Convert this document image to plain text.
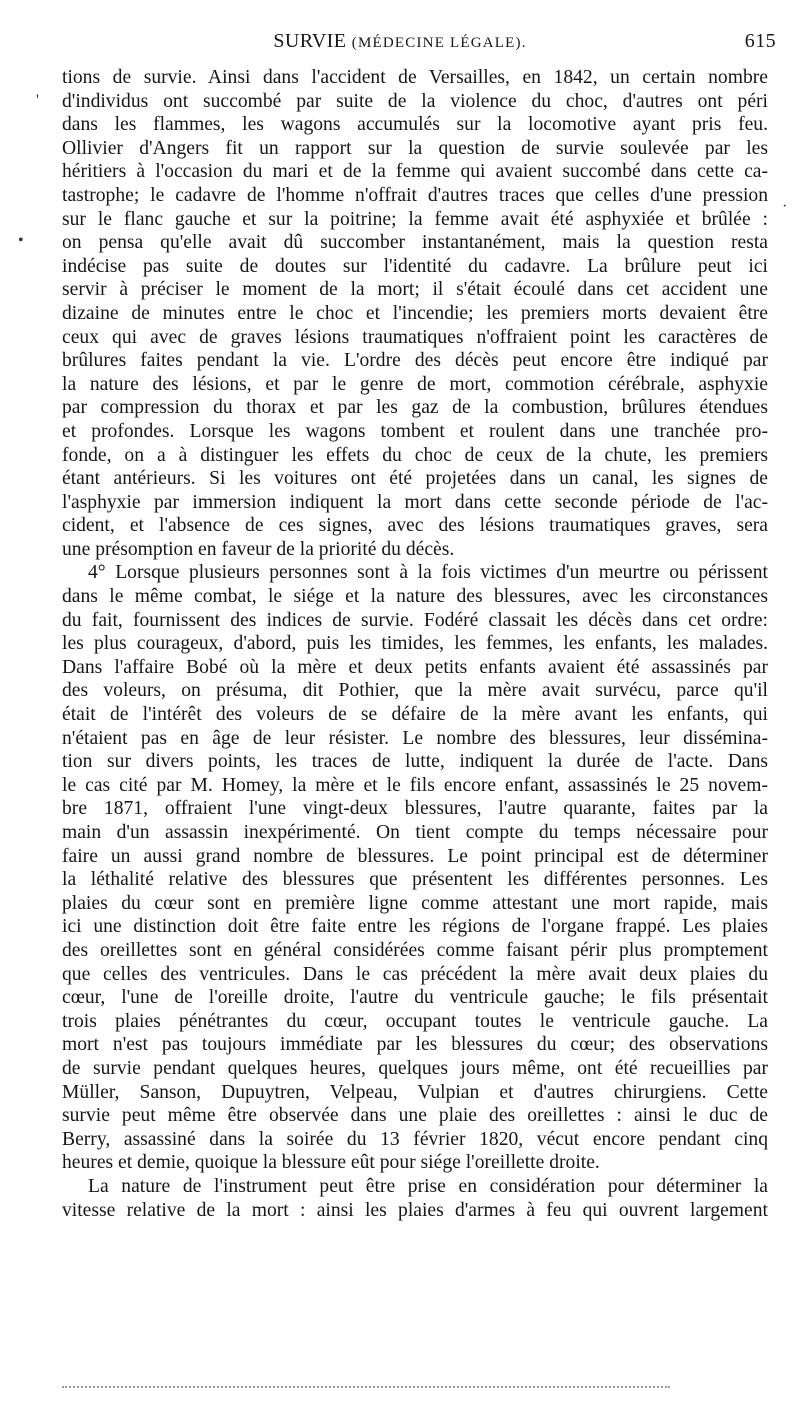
SURVIE (MÉDECINE LÉGALE).	615
'
·
•
tions de survie. Ainsi dans l'accident de Versailles, en 1842, un certain nombre
d'individus ont succombé par suite de la violence du choc, d'autres ont péri
dans les flammes, les wagons accumulés sur la locomotive ayant pris feu.
Ollivier d'Angers fit un rapport sur la question de survie soulevée par les
héritiers à l'occasion du mari et de la femme qui avaient succombé dans cette ca-
tastrophe; le cadavre de l'homme n'offrait d'autres traces que celles d'une pression
sur le flanc gauche et sur la poitrine; la femme avait été asphyxiée et brûlée :
on pensa qu'elle avait dû succomber instantanément, mais la question resta
indécise pas suite de doutes sur l'identité du cadavre. La brûlure peut ici
servir à préciser le moment de la mort; il s'était écoulé dans cet accident une
dizaine de minutes entre le choc et l'incendie; les premiers morts devaient être
ceux qui avec de graves lésions traumatiques n'offraient point les caractères de
brûlures faites pendant la vie. L'ordre des décès peut encore être indiqué par
la nature des lésions, et par le genre de mort, commotion cérébrale, asphyxie
par compression du thorax et par les gaz de la combustion, brûlures étendues
et profondes. Lorsque les wagons tombent et roulent dans une tranchée pro-
fonde, on a à distinguer les effets du choc de ceux de la chute, les premiers
étant antérieurs. Si les voitures ont été projetées dans un canal, les signes de
l'asphyxie par immersion indiquent la mort dans cette seconde période de l'ac-
cident, et l'absence de ces signes, avec des lésions traumatiques graves, sera
une présomption en faveur de la priorité du décès.
4° Lorsque plusieurs personnes sont à la fois victimes d'un meurtre ou périssent
dans le même combat, le siége et la nature des blessures, avec les circonstances
du fait, fournissent des indices de survie. Fodéré classait les décès dans cet ordre:
les plus courageux, d'abord, puis les timides, les femmes, les enfants, les malades.
Dans l'affaire Bobé où la mère et deux petits enfants avaient été assassinés par
des voleurs, on présuma, dit Pothier, que la mère avait survécu, parce qu'il
était de l'intérêt des voleurs de se défaire de la mère avant les enfants, qui
n'étaient pas en âge de leur résister. Le nombre des blessures, leur dissémina-
tion sur divers points, les traces de lutte, indiquent la durée de l'acte. Dans
le cas cité par M. Homey, la mère et le fils encore enfant, assassinés le 25 novem-
bre 1871, offraient l'une vingt-deux blessures, l'autre quarante, faites par la
main d'un assassin inexpérimenté. On tient compte du temps nécessaire pour
faire un aussi grand nombre de blessures. Le point principal est de déterminer
la léthalité relative des blessures que présentent les différentes personnes. Les
plaies du cœur sont en première ligne comme attestant une mort rapide, mais
ici une distinction doit être faite entre les régions de l'organe frappé. Les plaies
des oreillettes sont en général considérées comme faisant périr plus promptement
que celles des ventricules. Dans le cas précédent la mère avait deux plaies du
cœur, l'une de l'oreille droite, l'autre du ventricule gauche; le fils présentait
trois plaies pénétrantes du cœur, occupant toutes le ventricule gauche. La
mort n'est pas toujours immédiate par les blessures du cœur; des observations
de survie pendant quelques heures, quelques jours même, ont été recueillies par
Müller, Sanson, Dupuytren, Velpeau, Vulpian et d'autres chirurgiens. Cette
survie peut même être observée dans une plaie des oreillettes : ainsi le duc de
Berry, assassiné dans la soirée du 13 février 1820, vécut encore pendant cinq
heures et demie, quoique la blessure eût pour siége l'oreillette droite.
La nature de l'instrument peut être prise en considération pour déterminer la
vitesse relative de la mort : ainsi les plaies d'armes à feu qui ouvrent largement
